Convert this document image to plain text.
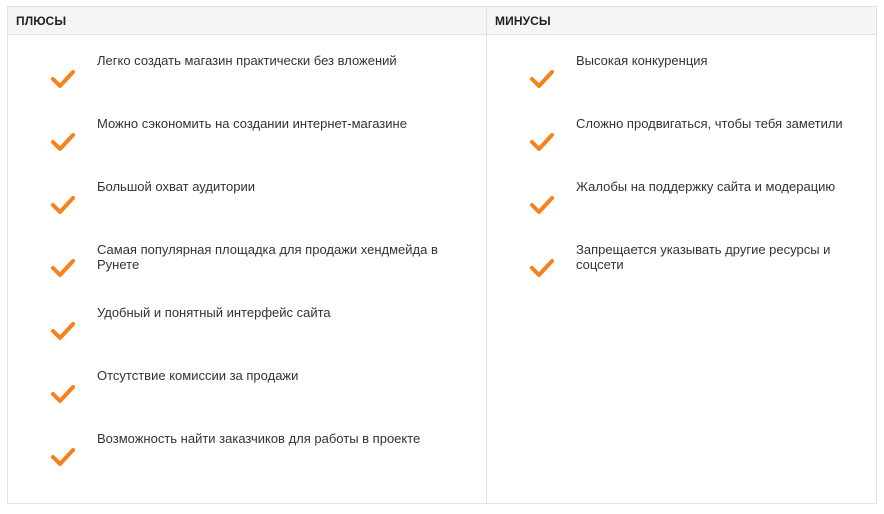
ПЛЮСЫ
Легко создать магазин практически без вложений
Можно сэкономить на создании интернет-магазине
Большой охват аудитории
Самая популярная площадка для продажи хендмейда в Рунете
Удобный и понятный интерфейс сайта
Отсутствие комиссии за продажи
Возможность найти заказчиков для работы в проекте
МИНУСЫ
Высокая конкуренция
Сложно продвигаться, чтобы тебя заметили
Жалобы на поддержку сайта и модерацию
Запрещается указывать другие ресурсы и соцсети
